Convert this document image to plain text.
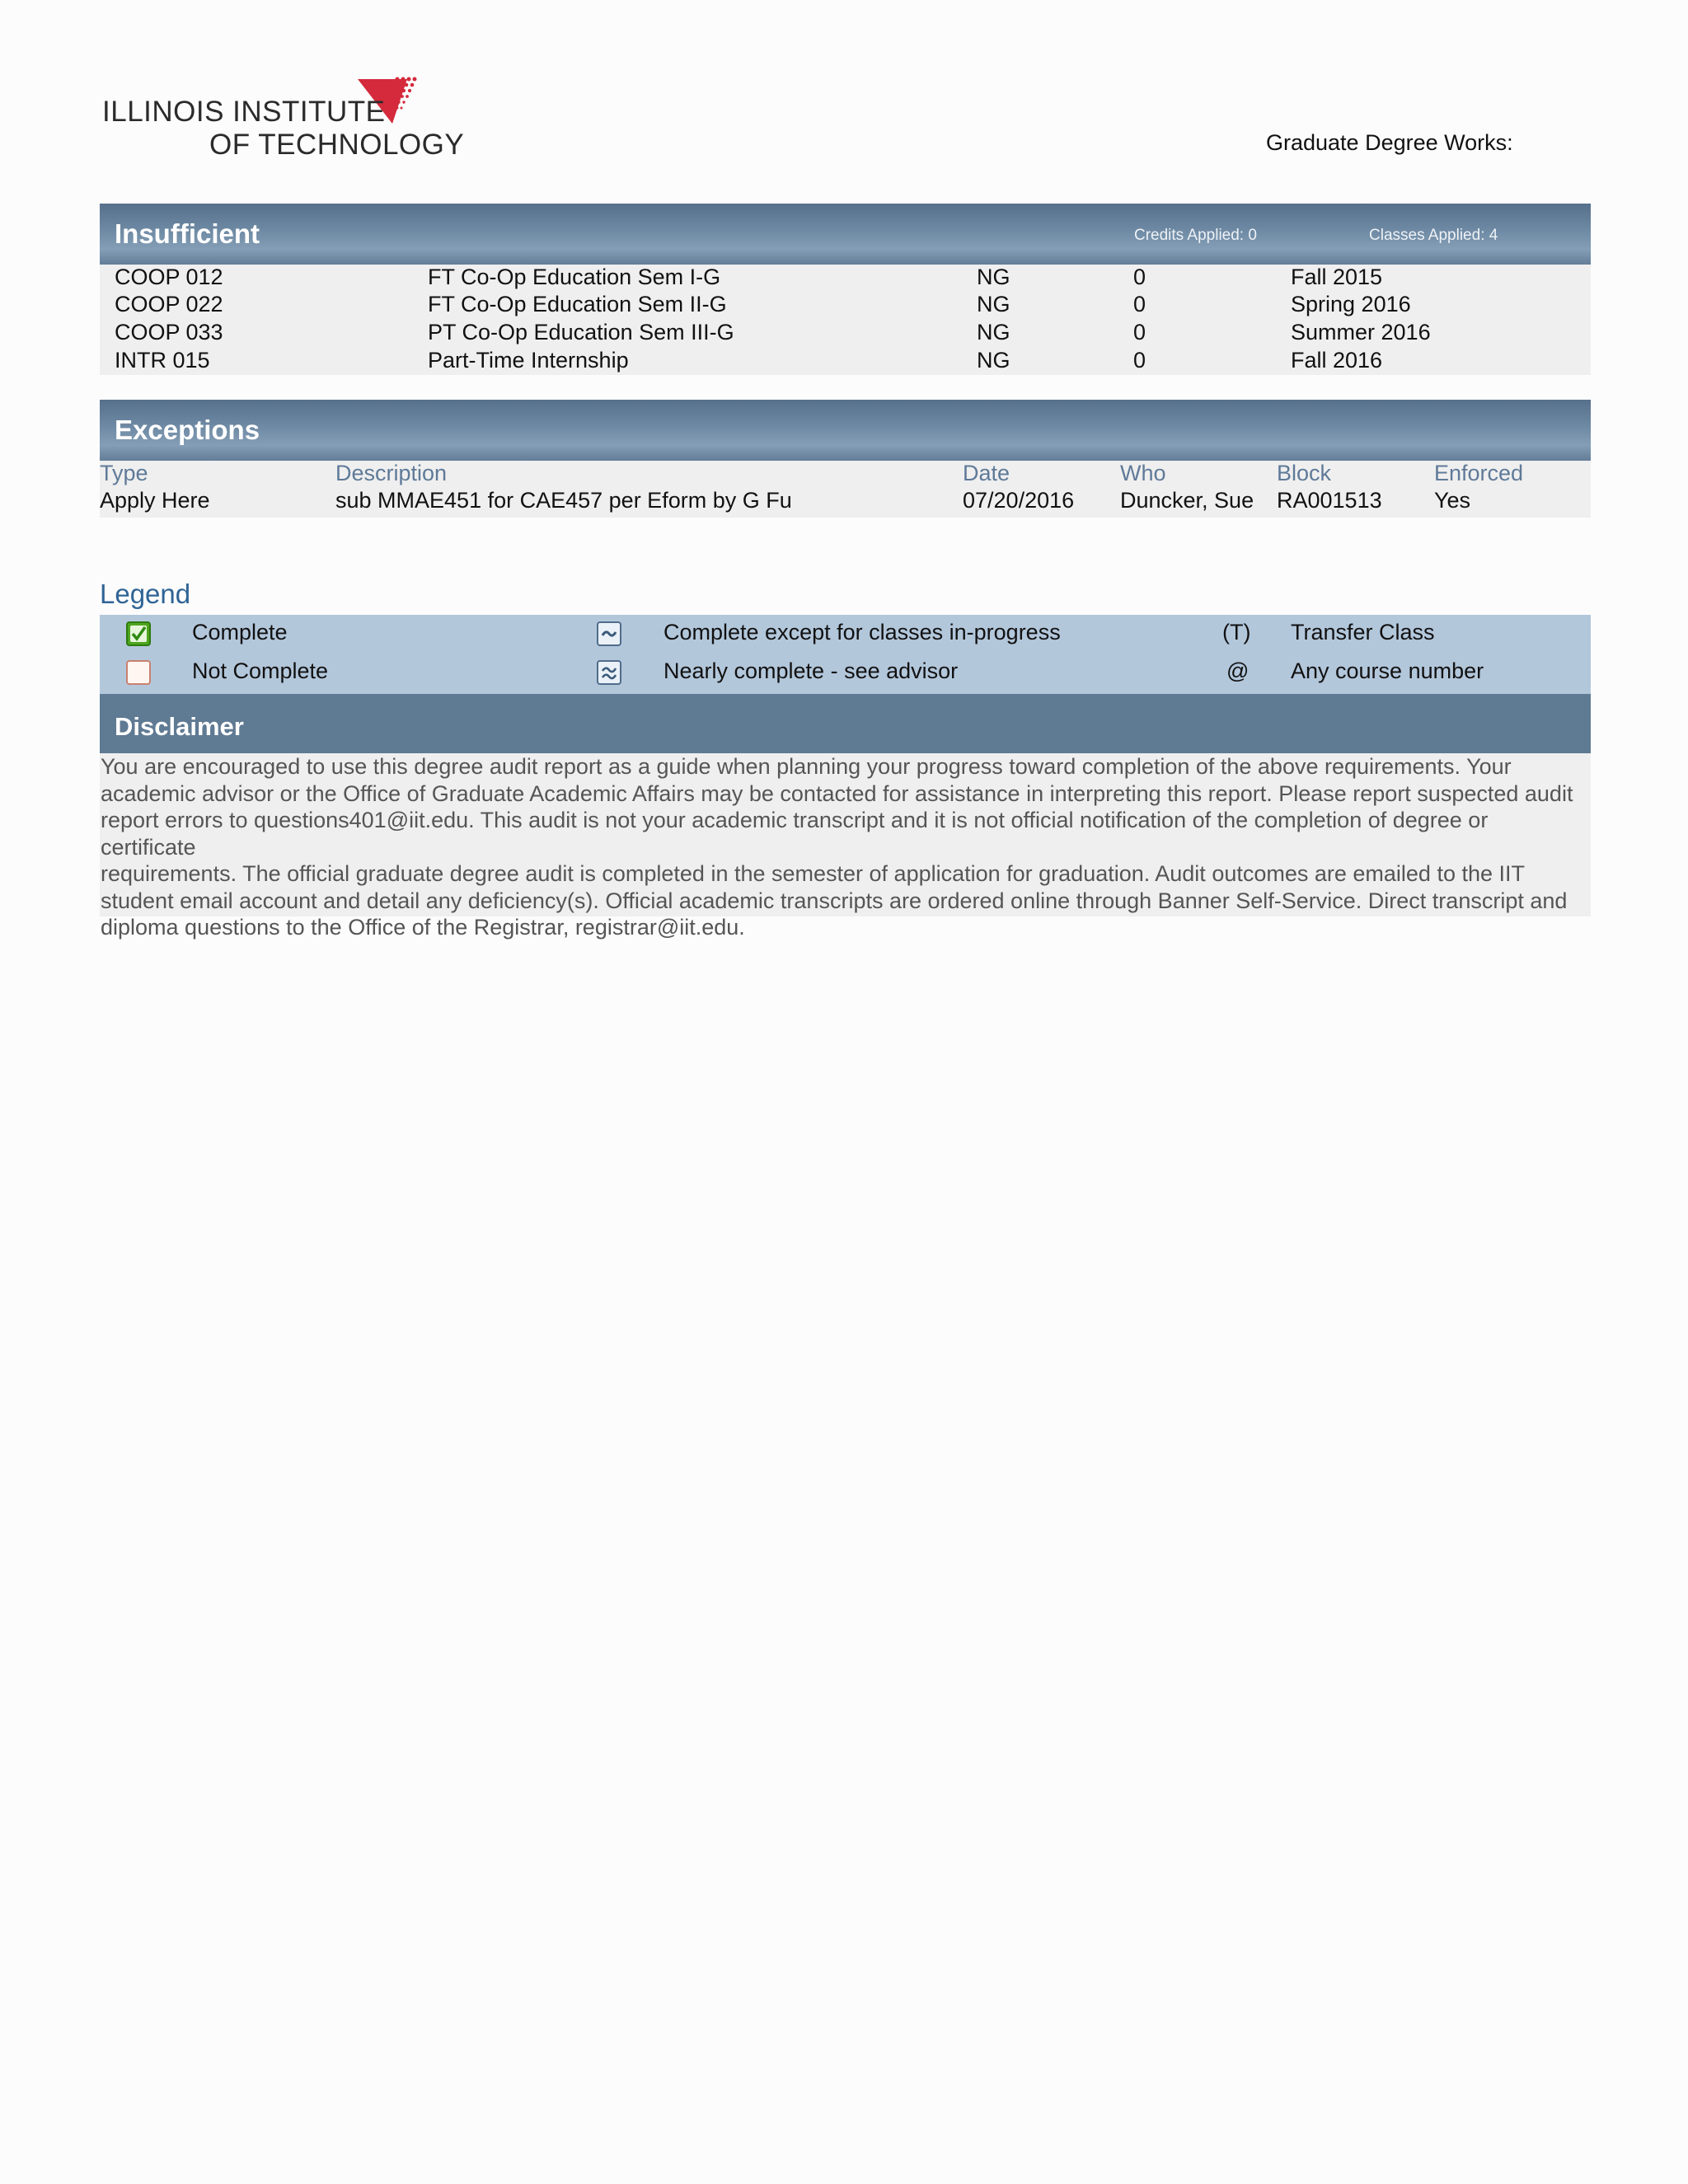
ILLINOIS INSTITUTE
OF TECHNOLOGY	Graduate Degree Works:
Insufficient	Credits Applied: 0	Classes Applied: 4
COOP 012	FT Co-Op Education Sem I-G	NG	0	Fall 2015
COOP 022	FT Co-Op Education Sem II-G	NG	0	Spring 2016
COOP 033	PT Co-Op Education Sem III-G	NG	0	Summer 2016
INTR 015	Part-Time Internship	NG	0	Fall 2016
Exceptions
Type	Description	Date	Who	Block	Enforced
Apply Here	sub MMAE451 for CAE457 per Eform by G Fu	07/20/2016 Duncker, Sue RA001513 Yes
Legend
Complete	Complete except for classes in-progress	(T) Transfer Class
Not Complete	Nearly complete - see advisor	@ Any course number
Disclaimer
You are encouraged to use this degree audit report as a guide when planning your progress toward completion of the above requirements. Your
academic advisor or the Office of Graduate Academic Affairs may be contacted for assistance in interpreting this report. Please report suspected audit
report errors to questions401@iit.edu. This audit is not your academic transcript and it is not official notification of the completion of degree or certificate
requirements. The official graduate degree audit is completed in the semester of application for graduation. Audit outcomes are emailed to the IIT
student email account and detail any deficiency(s). Official academic transcripts are ordered online through Banner Self-Service. Direct transcript and
diploma questions to the Office of the Registrar, registrar@iit.edu.
